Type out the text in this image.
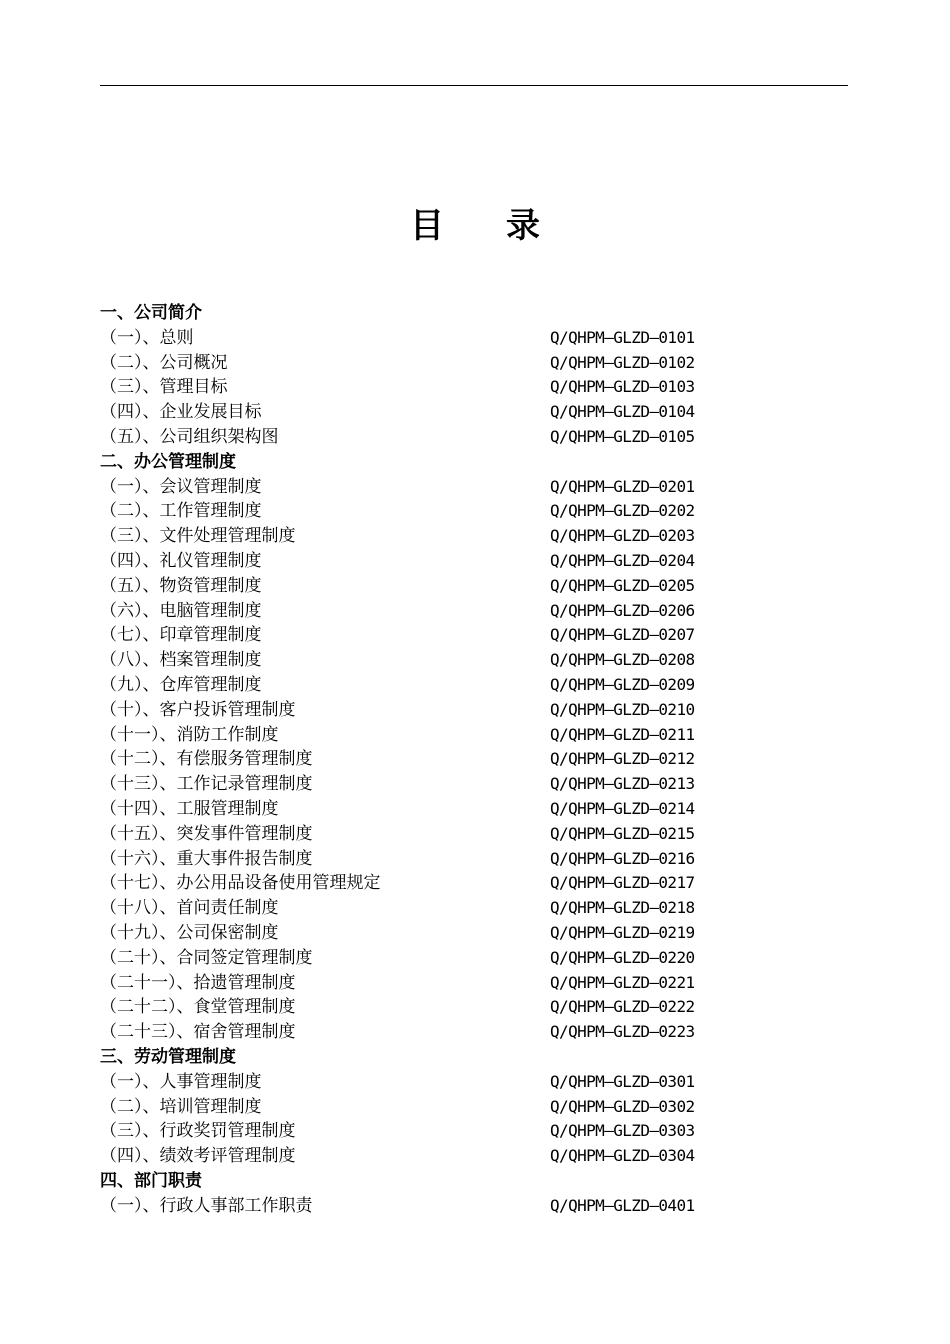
目 录
一、公司简介
（一）、总则	Q/QHPM—GLZD—0101
（二）、公司概况	Q/QHPM—GLZD—0102
（三）、管理目标	Q/QHPM—GLZD—0103
（四）、企业发展目标	Q/QHPM—GLZD—0104
（五）、公司组织架构图	Q/QHPM—GLZD—0105
二、办公管理制度
（一）、会议管理制度	Q/QHPM—GLZD—0201
（二）、工作管理制度	Q/QHPM—GLZD—0202
（三）、文件处理管理制度	Q/QHPM—GLZD—0203
（四）、礼仪管理制度	Q/QHPM—GLZD—0204
（五）、物资管理制度	Q/QHPM—GLZD—0205
（六）、电脑管理制度	Q/QHPM—GLZD—0206
（七）、印章管理制度	Q/QHPM—GLZD—0207
（八）、档案管理制度	Q/QHPM—GLZD—0208
（九）、仓库管理制度	Q/QHPM—GLZD—0209
（十）、客户投诉管理制度	Q/QHPM—GLZD—0210
（十一）、消防工作制度	Q/QHPM—GLZD—0211
（十二）、有偿服务管理制度	Q/QHPM—GLZD—0212
（十三）、工作记录管理制度	Q/QHPM—GLZD—0213
（十四）、工服管理制度	Q/QHPM—GLZD—0214
（十五）、突发事件管理制度	Q/QHPM—GLZD—0215
（十六）、重大事件报告制度	Q/QHPM—GLZD—0216
（十七）、办公用品设备使用管理规定	Q/QHPM—GLZD—0217
（十八）、首问责任制度	Q/QHPM—GLZD—0218
（十九）、公司保密制度	Q/QHPM—GLZD—0219
（二十）、合同签定管理制度	Q/QHPM—GLZD—0220
（二十一）、拾遗管理制度	Q/QHPM—GLZD—0221
（二十二）、食堂管理制度	Q/QHPM—GLZD—0222
（二十三）、宿舍管理制度	Q/QHPM—GLZD—0223
三、劳动管理制度
（一）、人事管理制度	Q/QHPM—GLZD—0301
（二）、培训管理制度	Q/QHPM—GLZD—0302
（三）、行政奖罚管理制度	Q/QHPM—GLZD—0303
（四）、绩效考评管理制度	Q/QHPM—GLZD—0304
四、部门职责
（一）、行政人事部工作职责	Q/QHPM—GLZD—0401
